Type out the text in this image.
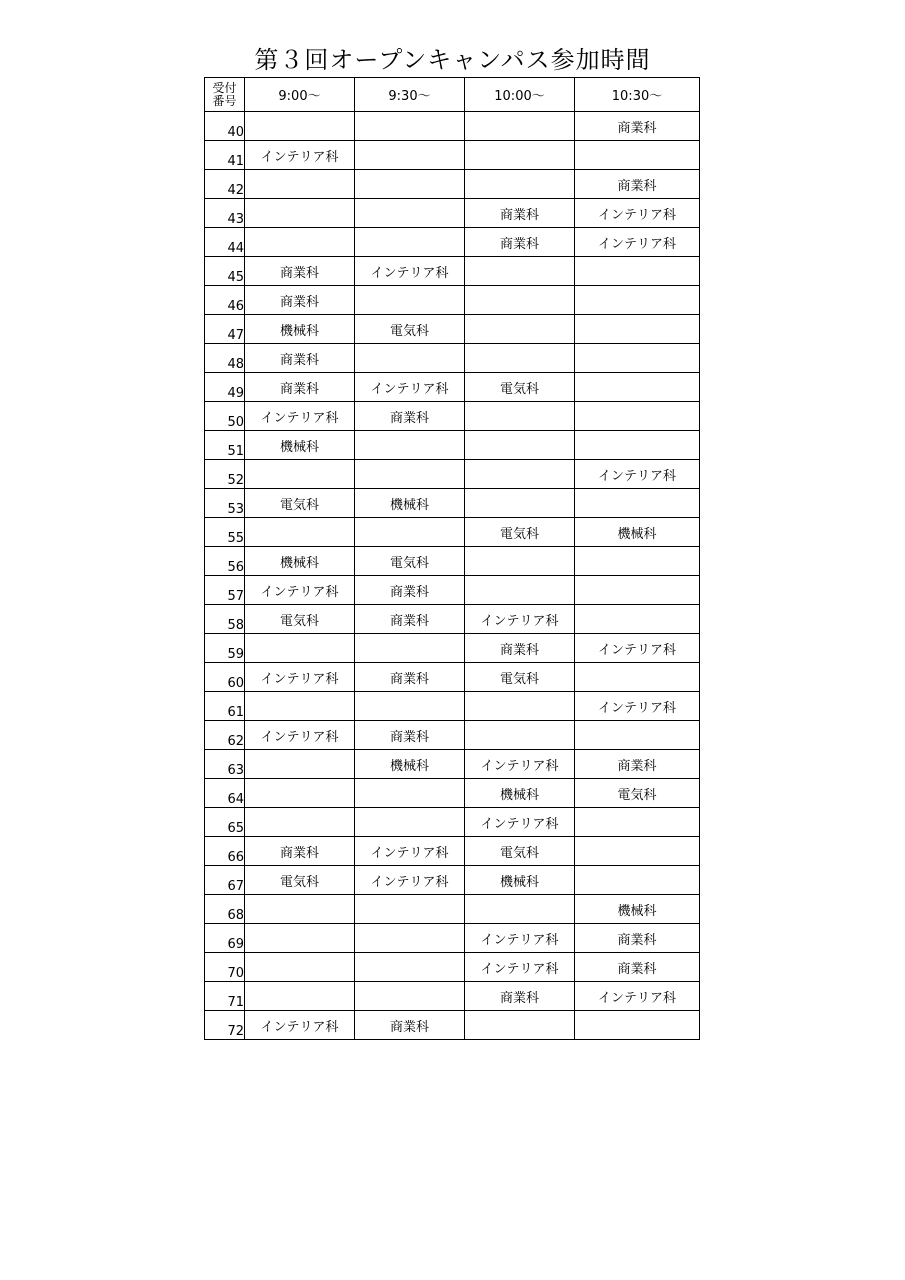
第３回オープンキャンパス参加時間
受付
番号	9:00～	9:30～	10:00～	10:30～
40				商業科
41	インテリア科			
42				商業科
43			商業科	インテリア科
44			商業科	インテリア科
45	商業科	インテリア科		
46	商業科			
47	機械科	電気科		
48	商業科			
49	商業科	インテリア科	電気科	
50	インテリア科	商業科		
51	機械科			
52				インテリア科
53	電気科	機械科		
55			電気科	機械科
56	機械科	電気科		
57	インテリア科	商業科		
58	電気科	商業科	インテリア科	
59			商業科	インテリア科
60	インテリア科	商業科	電気科	
61				インテリア科
62	インテリア科	商業科		
63		機械科	インテリア科	商業科
64			機械科	電気科
65			インテリア科	
66	商業科	インテリア科	電気科	
67	電気科	インテリア科	機械科	
68				機械科
69			インテリア科	商業科
70			インテリア科	商業科
71			商業科	インテリア科
72	インテリア科	商業科		
